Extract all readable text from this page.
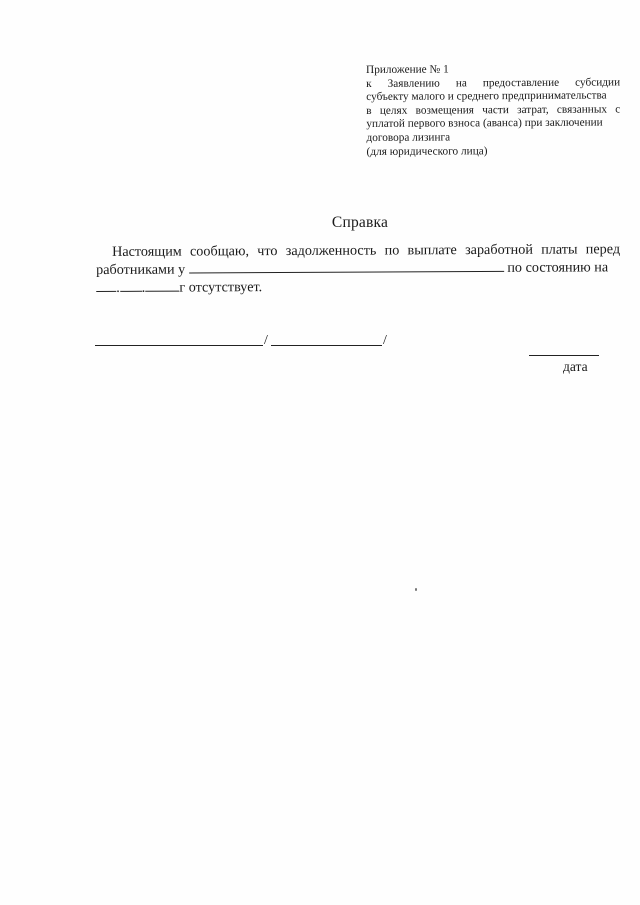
Приложение № 1
к Заявлению на предоставление субсидии
субъекту малого и среднего предпринимательства
в целях возмещения части затрат, связанных с
уплатой первого взноса (аванса) при заключении
договора лизинга
(для юридического лица)
Справка
Настоящим сообщаю, что задолженность по выплате заработной платы перед
работниками у	по состоянию на
. . г отсутствует.
/	/
дата
